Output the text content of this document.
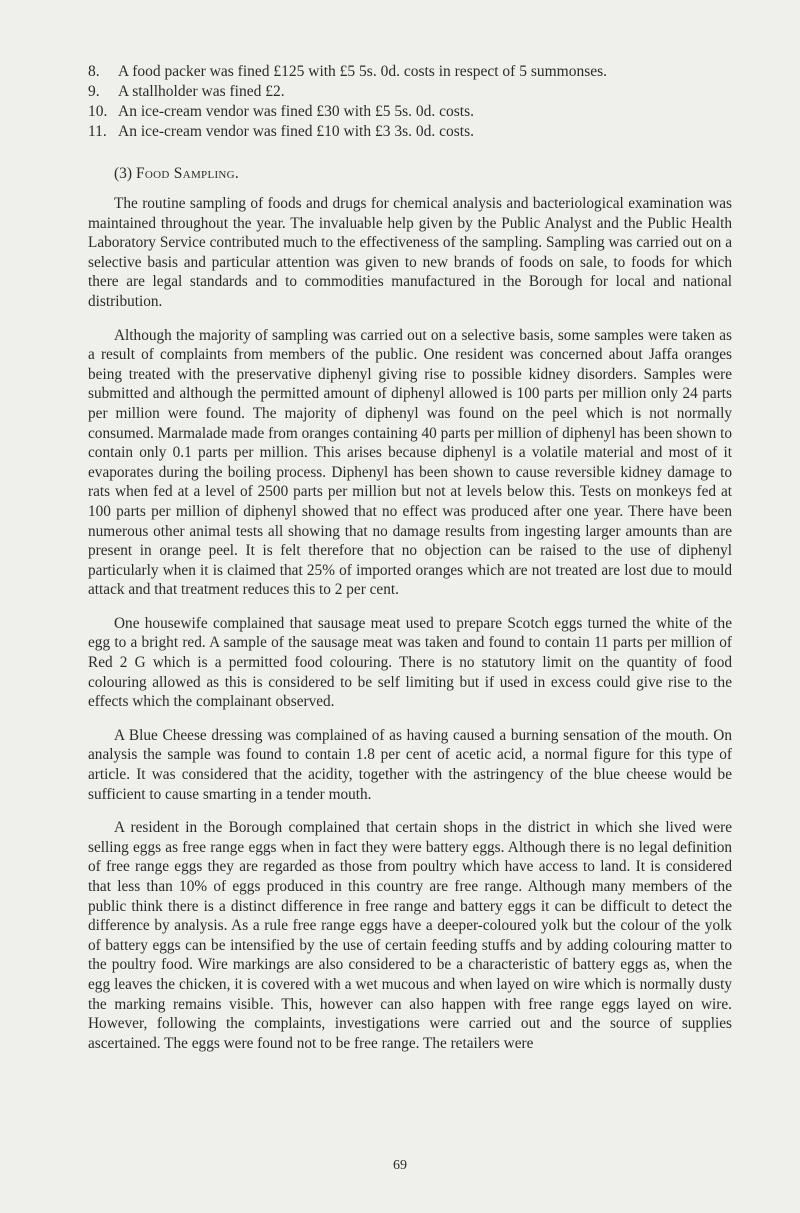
8.	A food packer was fined £125 with £5 5s. 0d. costs in respect of 5 summonses.
9.	A stallholder was fined £2.
10. An ice-cream vendor was fined £30 with £5 5s. 0d. costs.
11. An ice-cream vendor was fined £10 with £3 3s. 0d. costs.
(3) Food Sampling.

The routine sampling of foods and drugs for chemical analysis and bacteriological examination was maintained throughout the year. The invaluable help given by the Public Analyst and the Public Health Laboratory Service contributed much to the effectiveness of the sampling. Sampling was carried out on a selective basis and particular attention was given to new brands of foods on sale, to foods for which there are legal standards and to commodities manufactured in the Borough for local and national distribution.

Although the majority of sampling was carried out on a selective basis, some samples were taken as a result of complaints from members of the public. One resident was concerned about Jaffa oranges being treated with the preservative diphenyl giving rise to possible kidney disorders. Samples were submitted and although the permitted amount of diphenyl allowed is 100 parts per million only 24 parts per million were found. The majority of diphenyl was found on the peel which is not normally consumed. Marmalade made from oranges containing 40 parts per million of diphenyl has been shown to contain only 0.1 parts per million. This arises because diphenyl is a volatile material and most of it evaporates during the boiling process. Diphenyl has been shown to cause reversible kidney damage to rats when fed at a level of 2500 parts per million but not at levels below this. Tests on monkeys fed at 100 parts per million of diphenyl showed that no effect was produced after one year. There have been numerous other animal tests all showing that no damage results from ingesting larger amounts than are present in orange peel. It is felt therefore that no objection can be raised to the use of diphenyl particularly when it is claimed that 25% of imported oranges which are not treated are lost due to mould attack and that treatment reduces this to 2 per cent.

One housewife complained that sausage meat used to prepare Scotch eggs turned the white of the egg to a bright red. A sample of the sausage meat was taken and found to contain 11 parts per million of Red 2 G which is a permitted food colouring. There is no statutory limit on the quantity of food colouring allowed as this is considered to be self limiting but if used in excess could give rise to the effects which the complainant observed.

A Blue Cheese dressing was complained of as having caused a burning sensation of the mouth. On analysis the sample was found to contain 1.8 per cent of acetic acid, a normal figure for this type of article. It was considered that the acidity, together with the astringency of the blue cheese would be sufficient to cause smarting in a tender mouth.

A resident in the Borough complained that certain shops in the district in which she lived were selling eggs as free range eggs when in fact they were battery eggs. Although there is no legal definition of free range eggs they are regarded as those from poultry which have access to land. It is considered that less than 10% of eggs produced in this country are free range. Although many members of the public think there is a distinct difference in free range and battery eggs it can be difficult to detect the difference by analysis. As a rule free range eggs have a deeper-coloured yolk but the colour of the yolk of battery eggs can be intensified by the use of certain feeding stuffs and by adding colouring matter to the poultry food. Wire markings are also considered to be a characteristic of battery eggs as, when the egg leaves the chicken, it is covered with a wet mucous and when layed on wire which is normally dusty the marking remains visible. This, however can also happen with free range eggs layed on wire. However, following the complaints, investigations were carried out and the source of supplies ascertained. The eggs were found not to be free range. The retailers were

69
